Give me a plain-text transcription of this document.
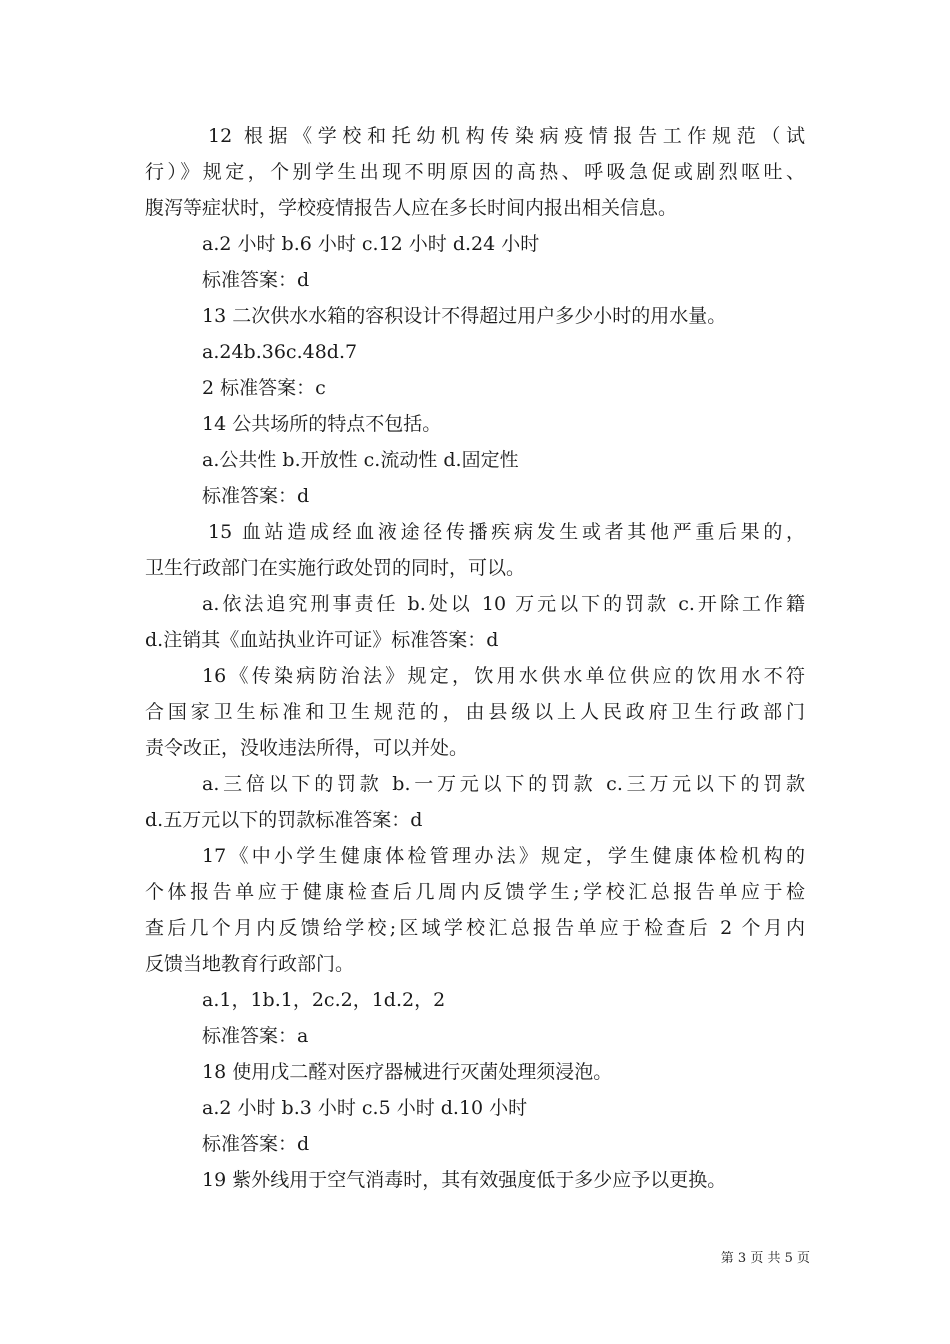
12 根据《学校和托幼机构传染病疫情报告工作规范（试
行）》规定，个别学生出现不明原因的高热、呼吸急促或剧烈呕吐、
腹泻等症状时，学校疫情报告人应在多长时间内报出相关信息。
a.2 小时 b.6 小时 c.12 小时 d.24 小时
标准答案：d
13 二次供水水箱的容积设计不得超过用户多少小时的用水量。
a.24b.36c.48d.7
2 标准答案：c
14 公共场所的特点不包括。
a.公共性 b.开放性 c.流动性 d.固定性
标准答案：d
15 血站造成经血液途径传播疾病发生或者其他严重后果的，
卫生行政部门在实施行政处罚的同时，可以。
a.依法追究刑事责任 b.处以 10 万元以下的罚款 c.开除工作籍
d.注销其《血站执业许可证》标准答案：d
16《传染病防治法》规定，饮用水供水单位供应的饮用水不符
合国家卫生标准和卫生规范的，由县级以上人民政府卫生行政部门
责令改正，没收违法所得，可以并处。
a.三倍以下的罚款 b.一万元以下的罚款 c.三万元以下的罚款
d.五万元以下的罚款标准答案：d
17《中小学生健康体检管理办法》规定，学生健康体检机构的
个体报告单应于健康检查后几周内反馈学生;学校汇总报告单应于检
查后几个月内反馈给学校;区域学校汇总报告单应于检查后 2 个月内
反馈当地教育行政部门。
a.1，1b.1，2c.2，1d.2，2
标准答案：a
18 使用戊二醛对医疗器械进行灭菌处理须浸泡。
a.2 小时 b.3 小时 c.5 小时 d.10 小时
标准答案：d
19 紫外线用于空气消毒时，其有效强度低于多少应予以更换。
第 3 页 共 5 页
